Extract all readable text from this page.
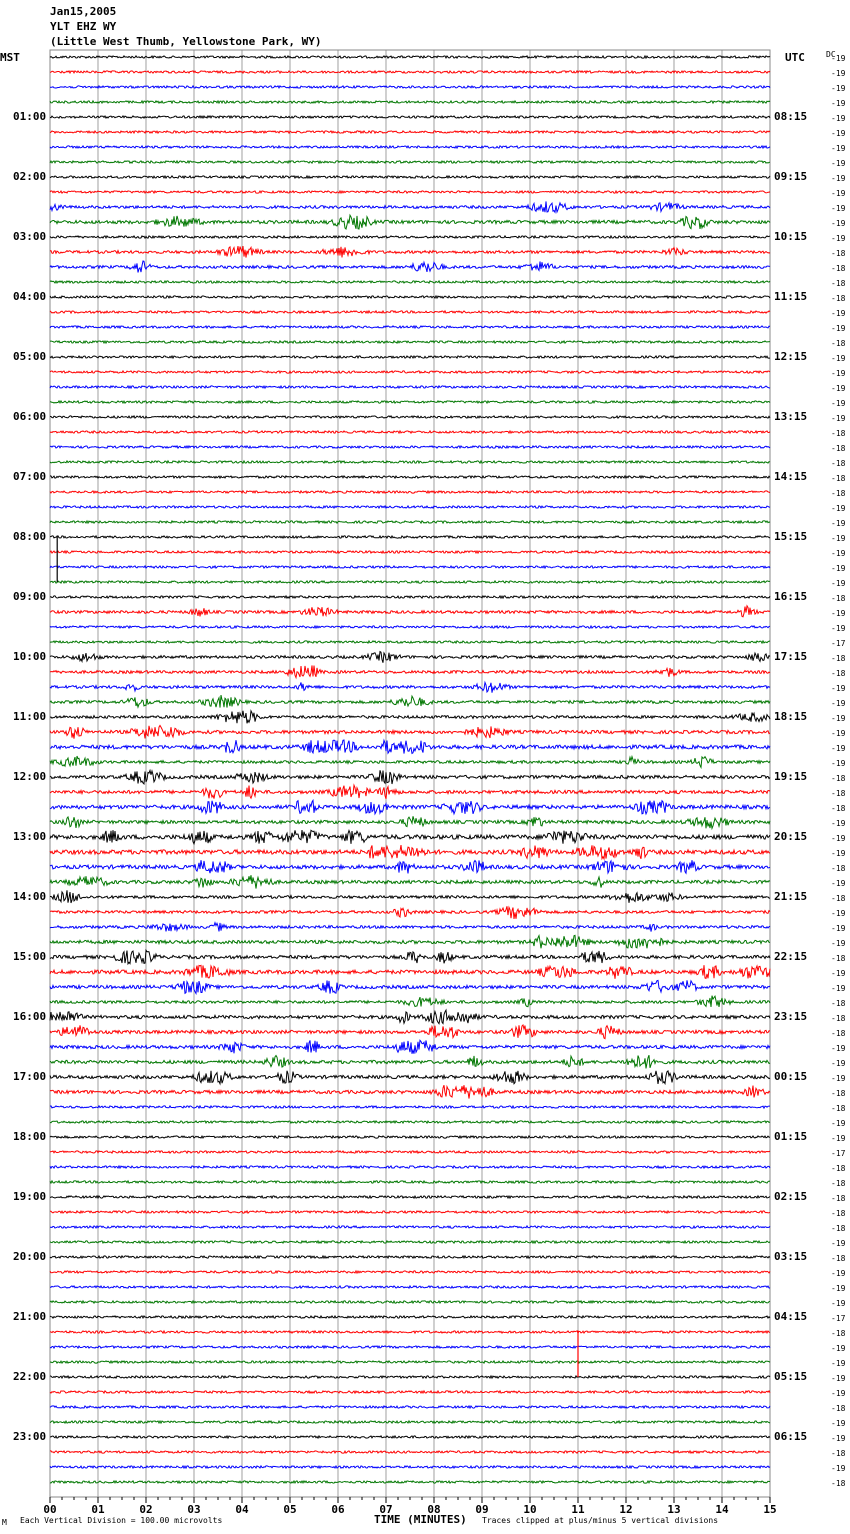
00	01	02	03	04	05	06	07	08	09	10	11	12	13	14	15
Jan15,2005
YLT EHZ WY
(Little West Thumb, Yellowstone Park, WY)
MST	UTC	DC
01:00
02:00
03:00
04:00
05:00
06:00
07:00
08:00
09:00
10:00
11:00
12:00
13:00
14:00
15:00
16:00
17:00
18:00
19:00
20:00
21:00
22:00
23:00
08:15
09:15
10:15
11:15
12:15
13:15
14:15
15:15
16:15
17:15
18:15
19:15
20:15
21:15
22:15
23:15
00:15
01:15
02:15
03:15
04:15
05:15
06:15
-19
-19
-19
-19
-19
-19
-19
-19
-19
-19
-19
-19
-19
-18
-18
-18
-18
-19
-19
-18
-19
-19
-19
-19
-19
-18
-18
-18
-18
-18
-19
-19
-19
-19
-19
-19
-18
-19
-19
-17
-18
-18
-19
-19
-19
-19
-19
-19
-18
-18
-18
-19
-19
-19
-18
-19
-18
-19
-19
-19
-18
-19
-19
-18
-18
-18
-19
-19
-19
-18
-18
-19
-19
-17
-18
-18
-18
-18
-18
-19
-18
-19
-19
-19
-17
-18
-19
-19
-19
-19
-18
-19
-19
-18
-19
-18
M Each Vertical Division = 100.00 microvolts	TIME (MINUTES) Traces clipped at plus/minus 5 vertical divisions
